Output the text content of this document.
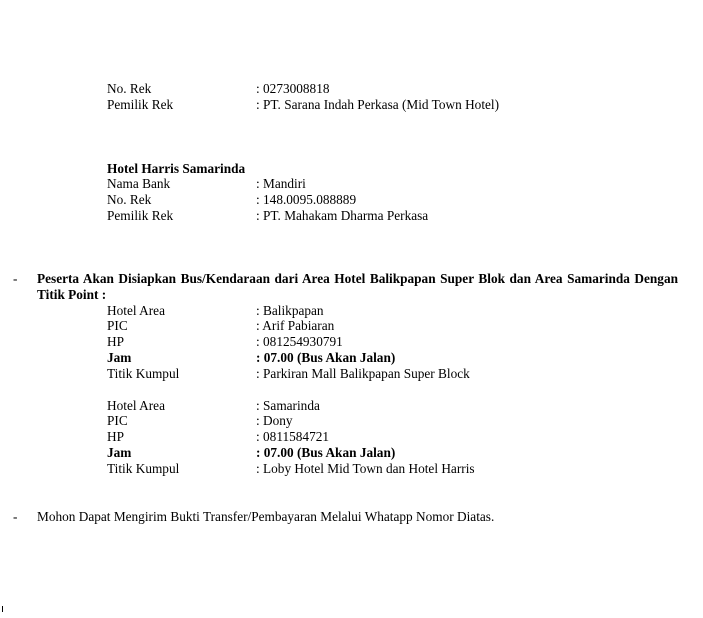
No. Rek	: 0273008818
Pemilik Rek	: PT. Sarana Indah Perkasa (Mid Town Hotel)
Hotel Harris Samarinda
Nama Bank	: Mandiri
No. Rek	: 148.0095.088889
Pemilik Rek	: PT. Mahakam Dharma Perkasa
- Peserta Akan Disiapkan Bus/Kendaraan dari Area Hotel Balikpapan Super Blok dan Area Samarinda Dengan Titik Point :
Hotel Area	: Balikpapan
PIC	: Arif Pabiaran
HP	: 081254930791
Jam	: 07.00 (Bus Akan Jalan)
Titik Kumpul	: Parkiran Mall Balikpapan Super Block
Hotel Area	: Samarinda
PIC	: Dony
HP	: 0811584721
Jam	: 07.00 (Bus Akan Jalan)
Titik Kumpul	: Loby Hotel Mid Town dan Hotel Harris
- Mohon Dapat Mengirim Bukti Transfer/Pembayaran Melalui Whatapp Nomor Diatas.
